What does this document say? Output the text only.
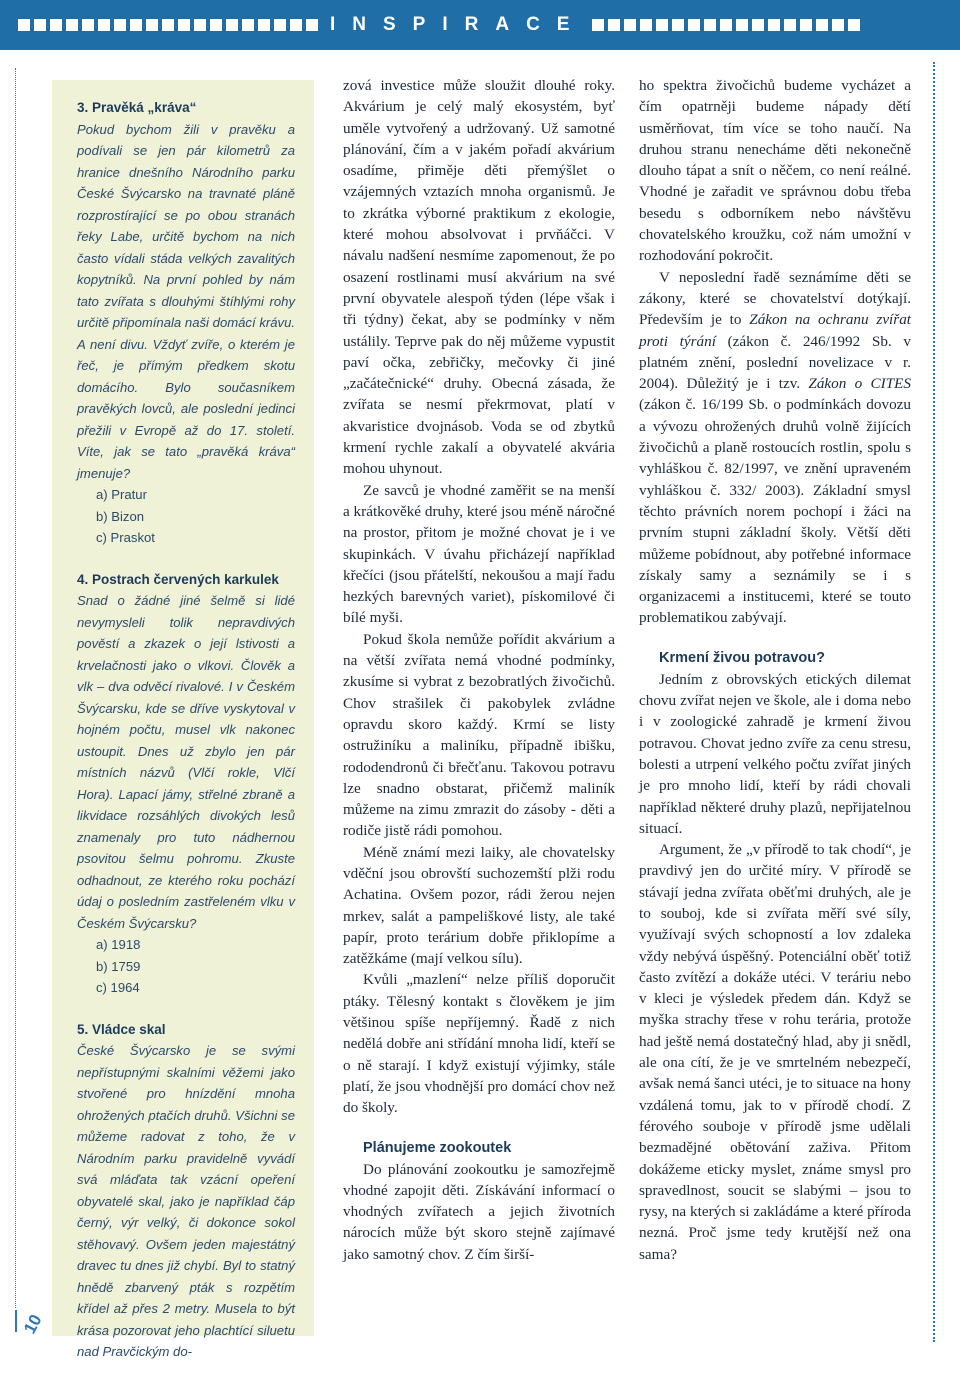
INSPIRACE
10
3. Pravěká „kráva“
Pokud bychom žili v pravěku a podívali se jen pár kilometrů za hranice dnešního Národního parku České Švýcarsko na travnaté pláně rozprostírající se po obou stranách řeky Labe, určitě bychom na nich často vídali stáda velkých zavalitých kopytníků. Na první pohled by nám tato zvířata s dlouhými štíhlými rohy určitě připomínala naši domácí krávu. A není divu. Vždyť zvíře, o kterém je řeč, je přímým předkem skotu domácího. Bylo současníkem pravěkých lovců, ale poslední jedinci přežili v Evropě až do 17. století. Víte, jak se tato „pravěká kráva“ jmenuje?
a) Pratur
b) Bizon
c) Praskot
4. Postrach červených karkulek
Snad o žádné jiné šelmě si lidé nevymysleli tolik nepravdivých pověstí a zkazek o její lstivosti a krvelačnosti jako o vlkovi. Člověk a vlk – dva odvěcí rivalové. I v Českém Švýcarsku, kde se dříve vyskytoval v hojném počtu, musel vlk nakonec ustoupit. Dnes už zbylo jen pár místních názvů (Vlčí rokle, Vlčí Hora). Lapací jámy, střelné zbraně a likvidace rozsáhlých divokých lesů znamenaly pro tuto nádhernou psovitou šelmu pohromu. Zkuste odhadnout, ze kterého roku pochází údaj o posledním zastřeleném vlku v Českém Švýcarsku?
a) 1918
b) 1759
c) 1964
5. Vládce skal
České Švýcarsko je se svými nepřístupnými skalními věžemi jako stvořené pro hnízdění mnoha ohrožených ptačích druhů. Všichni se můžeme radovat z toho, že v Národním parku pravidelně vyvádí svá mláďata tak vzácní opeření obyvatelé skal, jako je například čáp černý, výr velký, či dokonce sokol stěhovavý. Ovšem jeden majestátný dravec tu dnes již chybí. Byl to statný hnědě zbarvený pták s rozpětím křídel až přes 2 metry. Musela to být krása pozorovat jeho plachtící siluetu nad Pravčickým do-

zová investice může sloužit dlouhé roky. Akvárium je celý malý ekosystém, byť uměle vytvořený a udržovaný. Už samotné plánování, čím a v jakém pořadí akvárium osadíme, přiměje děti přemýšlet o vzájemných vztazích mnoha organismů. Je to zkrátka výborné praktikum z ekologie, které mohou absolvovat i prvňáčci. V návalu nadšení nesmíme zapomenout, že po osazení rostlinami musí akvárium na své první obyvatele alespoň týden (lépe však i tři týdny) čekat, aby se podmínky v něm ustálily. Teprve pak do něj můžeme vypustit paví očka, zebřičky, mečovky či jiné „začátečnické“ druhy. Obecná zásada, že zvířata se nesmí překrmovat, platí v akvaristice dvojnásob. Voda se od zbytků krmení rychle zakalí a obyvatelé akvária mohou uhynout.

Ze savců je vhodné zaměřit se na menší a krátkověké druhy, které jsou méně náročné na prostor, přitom je možné chovat je i ve skupinkách. V úvahu přicházejí například křečíci (jsou přátelští, nekoušou a mají řadu hezkých barevných variet), pískomilové či bílé myši.

Pokud škola nemůže pořídit akvárium a na větší zvířata nemá vhodné podmínky, zkusíme si vybrat z bezobratlých živočichů. Chov strašilek či pakobylek zvládne opravdu skoro každý. Krmí se listy ostružiníku a maliníku, případně ibišku, rododendronů či břečťanu. Takovou potravu lze snadno obstarat, přičemž maliník můžeme na zimu zmrazit do zásoby - děti a rodiče jistě rádi pomohou.

Méně známí mezi laiky, ale chovatelsky vděční jsou obrovští suchozemští plži rodu Achatina. Ovšem pozor, rádi žerou nejen mrkev, salát a pampeliškové listy, ale také papír, proto terárium dobře přiklopíme a zatěžkáme (mají velkou sílu).

Kvůli „mazlení“ nelze příliš doporučit ptáky. Tělesný kontakt s člověkem je jim většinou spíše nepříjemný. Řadě z nich nedělá dobře ani střídání mnoha lidí, kteří se o ně starají. I když existují výjimky, stále platí, že jsou vhodnější pro domácí chov než do školy.

Plánujeme zookoutek

Do plánování zookoutku je samozřejmě vhodné zapojit děti. Získávání informací o vhodných zvířatech a jejich životních nárocích může být skoro stejně zajímavé jako samotný chov. Z čím širší-

ho spektra živočichů budeme vycházet a čím opatrněji budeme nápady dětí usměrňovat, tím více se toho naučí. Na druhou stranu nenecháme děti nekonečně dlouho tápat a snít o něčem, co není reálné. Vhodné je zařadit ve správnou dobu třeba besedu s odborníkem nebo návštěvu chovatelského kroužku, což nám umožní v rozhodování pokročit.

V neposlední řadě seznámíme děti se zákony, které se chovatelství dotýkají. Především je to Zákon na ochranu zvířat proti týrání (zákon č. 246/1992 Sb. v platném znění, poslední novelizace v r. 2004). Důležitý je i tzv. Zákon o CITES (zákon č. 16/199 Sb. o podmínkách dovozu a vývozu ohrožených druhů volně žijících živočichů a planě rostoucích rostlin, spolu s vyhláškou č. 82/1997, ve znění upraveném vyhláškou č. 332/ 2003). Základní smysl těchto právních norem pochopí i žáci na prvním stupni základní školy. Větší děti můžeme pobídnout, aby potřebné informace získaly samy a seznámily se i s organizacemi a institucemi, které se touto problematikou zabývají.

Krmení živou potravou?

Jedním z obrovských etických dilemat chovu zvířat nejen ve škole, ale i doma nebo i v zoologické zahradě je krmení živou potravou. Chovat jedno zvíře za cenu stresu, bolesti a utrpení velkého počtu zvířat jiných je pro mnoho lidí, kteří by rádi chovali například některé druhy plazů, nepřijatelnou situací.

Argument, že „v přírodě to tak chodí“, je pravdivý jen do určité míry. V přírodě se stávají jedna zvířata oběťmi druhých, ale je to souboj, kde si zvířata měří své síly, využívají svých schopností a lov zdaleka vždy nebývá úspěšný. Potenciální oběť totiž často zvítězí a dokáže utéci. V teráriu nebo v kleci je výsledek předem dán. Když se myška strachy třese v rohu terária, protože had ještě nemá dostatečný hlad, aby ji snědl, ale ona cítí, že je ve smrtelném nebezpečí, avšak nemá šanci utéci, je to situace na hony vzdálená tomu, jak to v přírodě chodí. Z férového souboje v přírodě jsme udělali bezmadějné obětování zaživa. Přitom dokážeme eticky myslet, známe smysl pro spravedlnost, soucit se slabými – jsou to rysy, na kterých si zakládáme a které příroda nezná. Proč jsme tedy krutější než ona sama?
